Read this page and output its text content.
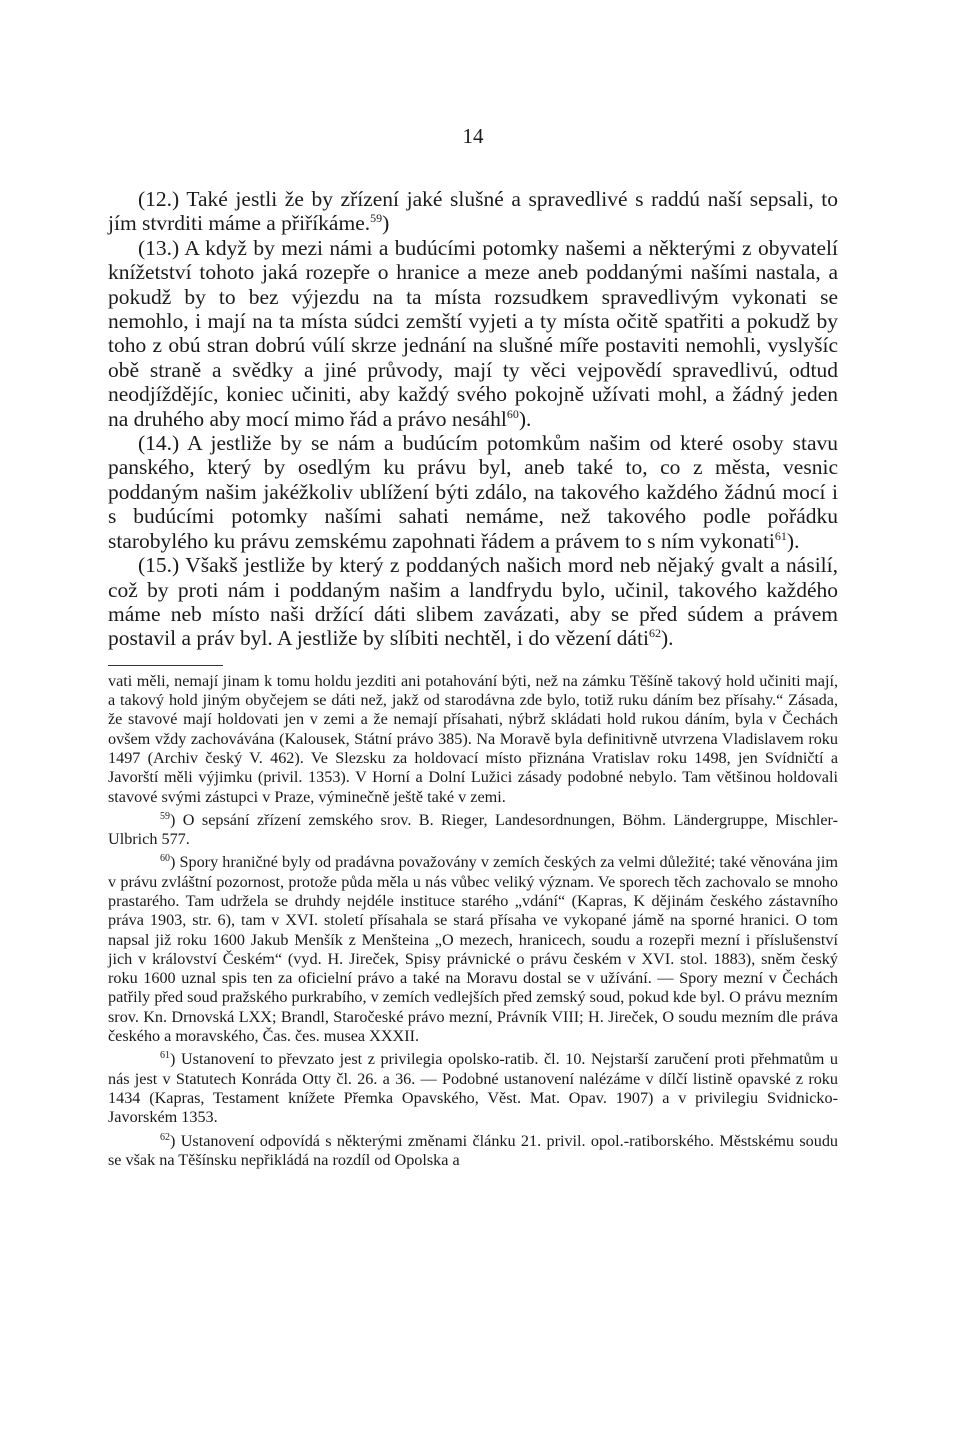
14

(12.) Také jestli že by zřízení jaké slušné a spravedlivé s raddú naší sepsali, to jím stvrditi máme a přiříkáme.$^{59}$)

(13.) A když by mezi námi a budúcími potomky našemi a některými z obyvatelí knížetství tohoto jaká rozepře o hranice a meze aneb poddanými našími nastala, a pokudž by to bez výjezdu na ta místa rozsudkem spravedlivým vykonati se nemohlo, i mají na ta místa súdci zemští vyjeti a ty místa očitě spatřiti a pokudž by toho z obú stran dobrú vúlí skrze jednání na slušné míře postaviti nemohli, vyslyšíc obě straně a svědky a jiné průvody, mají ty věci vejpovědí spravedlivú, odtud neodjíždějíc, koniec učiniti, aby každý svého pokojně užívati mohl, a žádný jeden na druhého aby mocí mimo řád a právo nesáhl$^{60}$).

(14.) A jestliže by se nám a budúcím potomkům našim od které osoby stavu panského, který by osedlým ku právu byl, aneb také to, co z města, vesnic poddaným našim jakéžkoliv ublížení býti zdálo, na takového každého žádnú mocí i s budúcími potomky našími sahati nemáme, než takového podle pořádku starobylého ku právu zemskému zapohnati řádem a právem to s ním vykonati$^{61}$).

(15.) Všakš jestliže by který z poddaných našich mord neb nějaký gvalt a násilí, což by proti nám i poddaným našim a landfrydu bylo, učinil, takového každého máme neb místo naši držící dáti slibem zavázati, aby se před súdem a právem postavil a práv byl. A jestliže by slíbiti nechtěl, i do vězení dáti$^{62}$).

vati měli, nemají jinam k tomu holdu jezditi ani potahování býti, než na zámku Těšíně takový hold učiniti mají, a takový hold jiným obyčejem se dáti než, jakž od starodávna zde bylo, totiž ruku dáním bez přísahy.“ Zásada, že stavové mají holdovati jen v zemi a že nemají přísahati, nýbrž skládati hold rukou dáním, byla v Čechách ovšem vždy zachovávána (Kalousek, Státní právo 385). Na Moravě byla definitivně utvrzena Vladislavem roku 1497 (Archiv český V. 462). Ve Slezsku za holdovací místo přiznána Vratislav roku 1498, jen Svídničtí a Javorští měli výjimku (privil. 1353). V Horní a Dolní Lužici zásady podobné nebylo. Tam většinou holdovali stavové svými zástupci v Praze, výminečně ještě také v zemi.

$^{59}$) O sepsání zřízení zemského srov. B. Rieger, Landesordnungen, Böhm. Ländergruppe, Mischler-Ulbrich 577.

$^{60}$) Spory hraničné byly od pradávna považovány v zemích českých za velmi důležité; také věnována jim v právu zvláštní pozornost, protože půda měla u nás vůbec veliký význam. Ve sporech těch zachovalo se mnoho prastarého. Tam udržela se druhdy nejdéle instituce starého „vdání“ (Kapras, K dějinám českého zástavního práva 1903, str. 6), tam v XVI. století přísahala se stará přísaha ve vykopané jámě na sporné hranici. O tom napsal již roku 1600 Jakub Menšík z Menšteina „O mezech, hranicech, soudu a rozepři mezní i příslušenství jich v království Českém“ (vyd. H. Jireček, Spisy právnické o právu českém v XVI. stol. 1883), sněm český roku 1600 uznal spis ten za oficielní právo a také na Moravu dostal se v užívání. — Spory mezní v Čechách patřily před soud pražského purkrabího, v zemích vedlejších před zemský soud, pokud kde byl. O právu mezním srov. Kn. Drnovská LXX; Brandl, Staročeské právo mezní, Právník VIII; H. Jireček, O soudu mezním dle práva českého a moravského, Čas. čes. musea XXXII.

$^{61}$) Ustanovení to převzato jest z privilegia opolsko-ratib. čl. 10. Nejstarší zaručení proti přehmatům u nás jest v Statutech Konráda Otty čl. 26. a 36. — Podobné ustanovení nalézáme v dílčí listině opavské z roku 1434 (Kapras, Testament knížete Přemka Opavského, Věst. Mat. Opav. 1907) a v privilegiu Svidnicko-Javorském 1353.

$^{62}$) Ustanovení odpovídá s některými změnami článku 21. privil. opol.-ratiborského. Městskému soudu se však na Těšínsku nepřikládá na rozdíl od Opolska a
